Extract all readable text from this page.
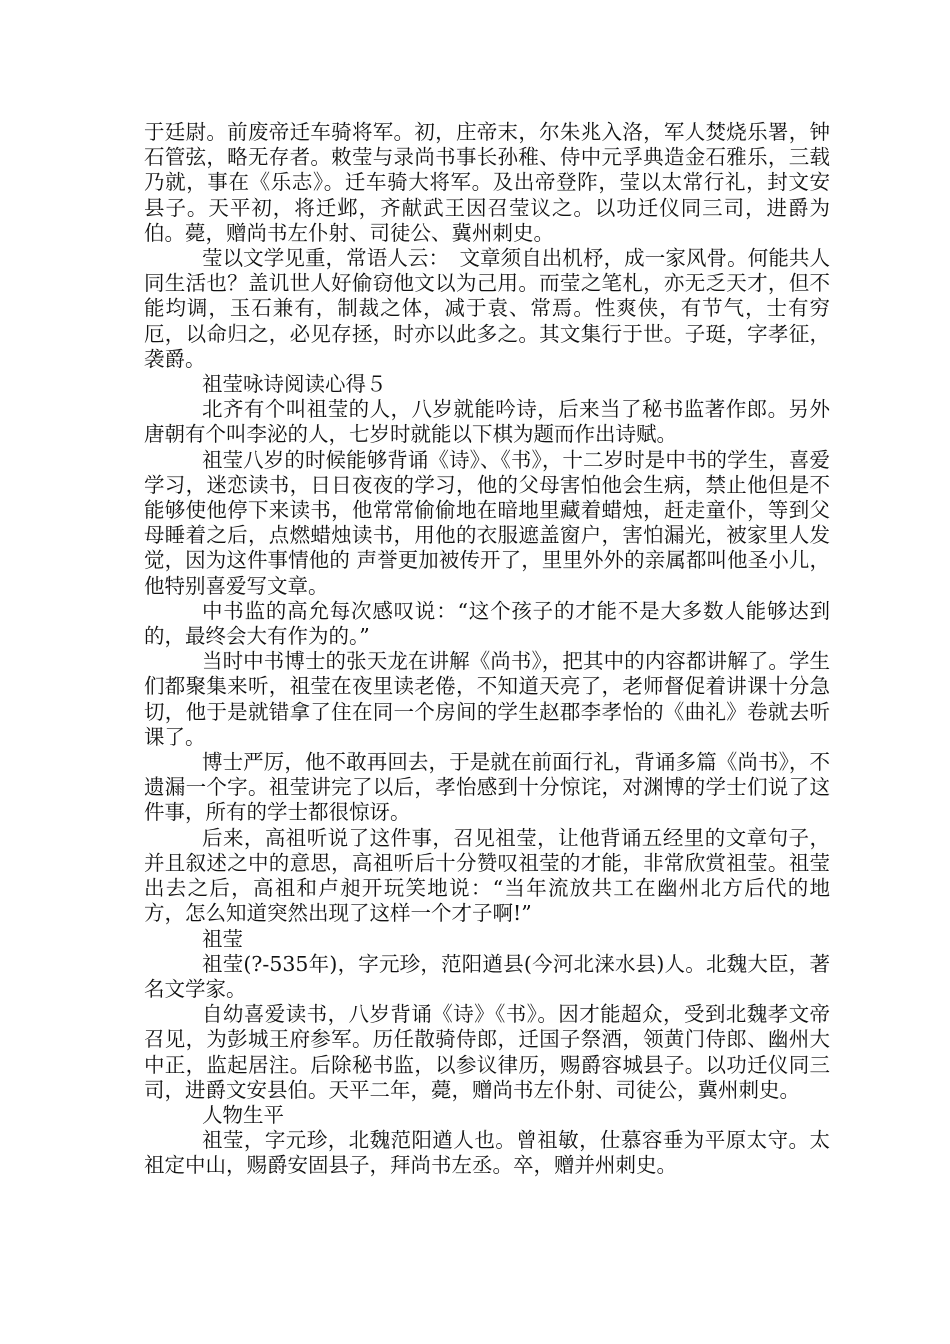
于廷尉。前废帝迁车骑将军。初，庄帝末，尔朱兆入洛，军人焚烧乐署，钟石管弦，略无存者。敕莹与录尚书事长孙稚、侍中元孚典造金石雅乐，三载乃就，事在《乐志》。迁车骑大将军。及出帝登阼，莹以太常行礼，封文安县子。天平初，将迁邺，齐献武王因召莹议之。以功迁仪同三司，进爵为伯。薨，赠尚书左仆射、司徒公、冀州刺史。

莹以文学见重，常语人云：　文章须自出机杼，成一家风骨。何能共人同生活也？盖讥世人好偷窃他文以为己用。而莹之笔札，亦无乏天才，但不能均调，玉石兼有，制裁之体，减于袁、常焉。性爽侠，有节气，士有穷厄，以命归之，必见存拯，时亦以此多之。其文集行于世。子珽，字孝征，袭爵。

祖莹咏诗阅读心得５

北齐有个叫祖莹的人，八岁就能吟诗，后来当了秘书监著作郎。另外唐朝有个叫李泌的人，七岁时就能以下棋为题而作出诗赋。

祖莹八岁的时候能够背诵《诗》、《书》，十二岁时是中书的学生，喜爱学习，迷恋读书，日日夜夜的学习，他的父母害怕他会生病，禁止他但是不能够使他停下来读书，他常常偷偷地在暗地里藏着蜡烛，赶走童仆，等到父母睡着之后，点燃蜡烛读书，用他的衣服遮盖窗户，害怕漏光，被家里人发觉，因为这件事情他的 声誉更加被传开了，里里外外的亲属都叫他圣小儿，他特别喜爱写文章。

中书监的高允每次感叹说：“这个孩子的才能不是大多数人能够达到的，最终会大有作为的。”

当时中书博士的张天龙在讲解《尚书》，把其中的内容都讲解了。学生们都聚集来听，祖莹在夜里读老倦，不知道天亮了，老师督促着讲课十分急切，他于是就错拿了住在同一个房间的学生赵郡李孝怡的《曲礼》卷就去听课了。

博士严厉，他不敢再回去，于是就在前面行礼，背诵多篇《尚书》，不遗漏一个字。祖莹讲完了以后，孝怡感到十分惊诧，对渊博的学士们说了这件事，所有的学士都很惊讶。

后来，高祖听说了这件事，召见祖莹，让他背诵五经里的文章句子，并且叙述之中的意思，高祖听后十分赞叹祖莹的才能，非常欣赏祖莹。祖莹出去之后，高祖和卢昶开玩笑地说：“当年流放共工在幽州北方后代的地方，怎么知道突然出现了这样一个才子啊!”

祖莹

祖莹(?-535年)，字元珍，范阳遒县(今河北涞水县)人。北魏大臣，著名文学家。

自幼喜爱读书，八岁背诵《诗》《书》。因才能超众，受到北魏孝文帝召见，为彭城王府参军。历任散骑侍郎，迁国子祭酒，领黄门侍郎、幽州大中正，监起居注。后除秘书监，以参议律历，赐爵容城县子。以功迁仪同三司，进爵文安县伯。天平二年，薨，赠尚书左仆射、司徒公，冀州刺史。

人物生平

祖莹，字元珍，北魏范阳遒人也。曾祖敏，仕慕容垂为平原太守。太祖定中山，赐爵安固县子，拜尚书左丞。卒，赠并州刺史。
